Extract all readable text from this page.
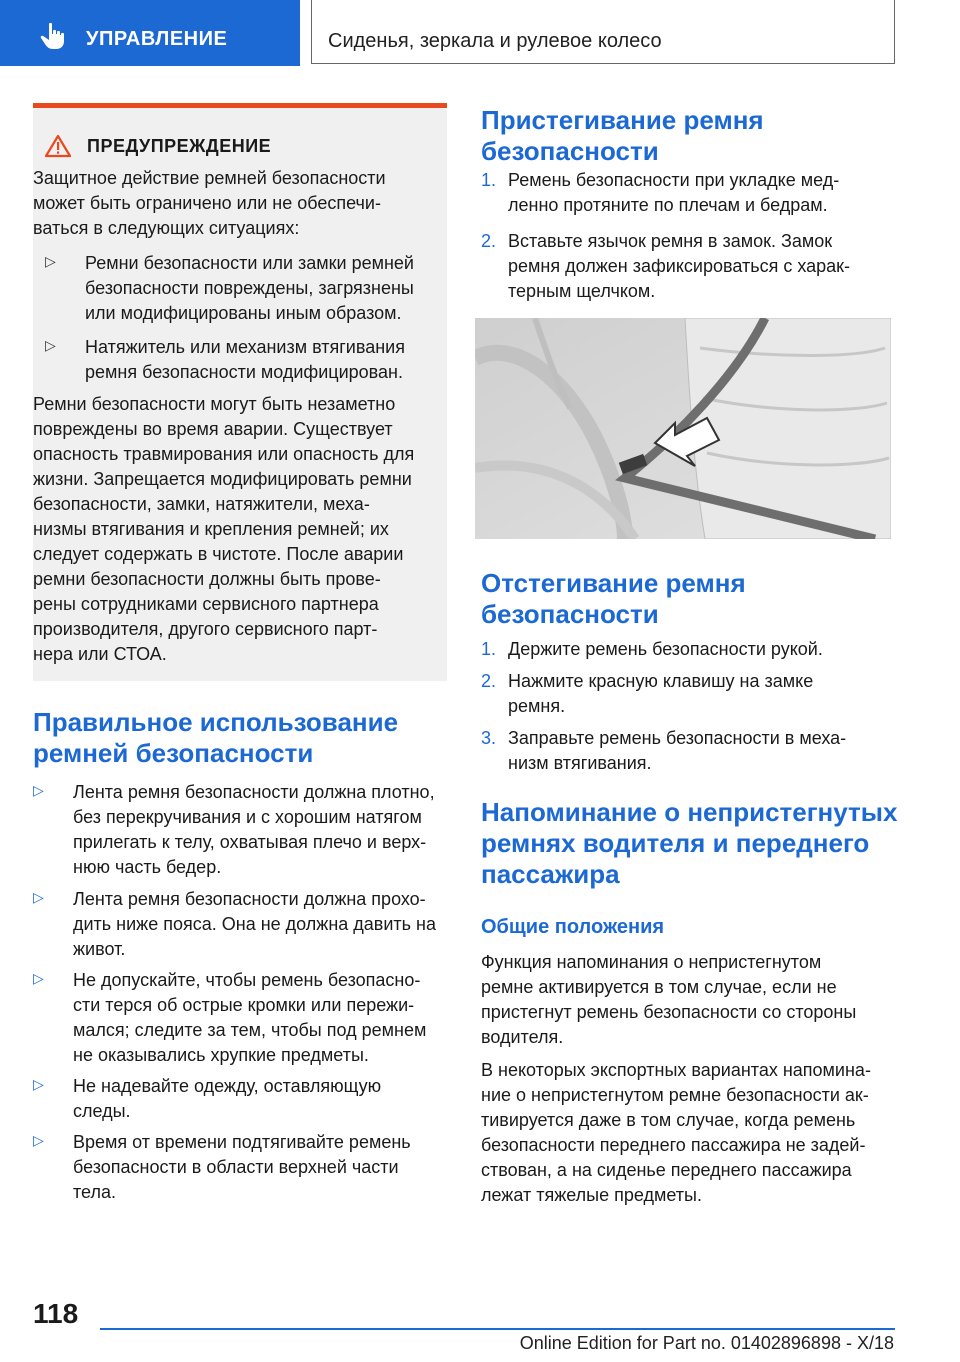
УПРАВЛЕНИЕ	Сиденья, зеркала и рулевое колесо
ПРЕДУПРЕЖДЕНИЕ

Защитное действие ремней безопасности

может быть ограничено или не обеспечи-

ваться в следующих ситуациях:

▷	Ремни безопасности или замки ремней

безопасности повреждены, загрязнены

или модифицированы иным образом.

▷	Натяжитель или механизм втягивания

ремня безопасности модифицирован.

Ремни безопасности могут быть незаметно

повреждены во время аварии. Существует

опасность травмирования или опасность для

жизни. Запрещается модифицировать ремни

безопасности, замки, натяжители, меха-

низмы втягивания и крепления ремней; их

следует содержать в чистоте. После аварии

ремни безопасности должны быть прове-

рены сотрудниками сервисного партнера

производителя, другого сервисного парт-

нера или СТОА.

Правильное использование
ремней безопасности
▷	Лента ремня безопасности должна плотно,

без перекручивания и с хорошим натягом

прилегать к телу, охватывая плечо и верх-

нюю часть бедер.

▷	Лента ремня безопасности должна прохо-

дить ниже пояса. Она не должна давить на

живот.

▷	Не допускайте, чтобы ремень безопасно-

сти терся об острые кромки или пережи-

мался; следите за тем, чтобы под ремнем

не оказывались хрупкие предметы.

▷	Не надевайте одежду, оставляющую

следы.

▷	Время от времени подтягивайте ремень

безопасности в области верхней части

тела.

Пристегивание ремня
безопасности
1. Ремень безопасности при укладке мед-

ленно протяните по плечам и бедрам.

2. Вставьте язычок ремня в замок. Замок

ремня должен зафиксироваться с харак-

терным щелчком.

Отстегивание ремня
безопасности
1. Держите ремень безопасности рукой.

2. Нажмите красную клавишу на замке

ремня.

3. Заправьте ремень безопасности в меха-

низм втягивания.

Напоминание о непристегнутых
ремнях водителя и переднего
пассажира
Общие положения

Функция напоминания о непристегнутом

ремне активируется в том случае, если не

пристегнут ремень безопасности со стороны

водителя.

В некоторых экспортных вариантах напомина-

ние о непристегнутом ремне безопасности ак-

тивируется даже в том случае, когда ремень

безопасности переднего пассажира не задей-

ствован, а на сиденье переднего пассажира

лежат тяжелые предметы.

118
Online Edition for Part no. 01402896898 - X/18
